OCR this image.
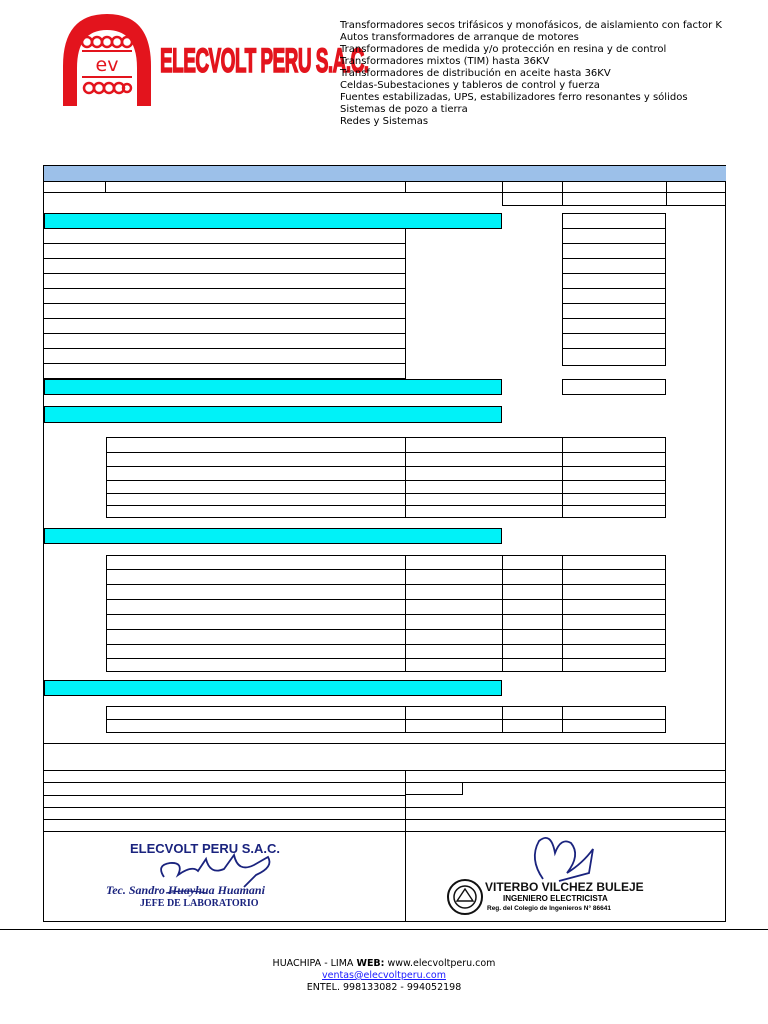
ev ELECVOLT PERU S.A.C.
Transformadores secos trifásicos y monofásicos, de aislamiento con factor K
Autos transformadores de arranque de motores
Transformadores de medida y/o protección en resina y de control
Transformadores mixtos (TIM) hasta 36KV
Transformadores de distribución en aceite hasta 36KV
Celdas-Subestaciones y tableros de control y fuerza
Fuentes estabilizadas, UPS, estabilizadores ferro resonantes y sólidos
Sistemas de pozo a tierra
Redes y Sistemas
ELECVOLT PERU S.A.C.
Tec. Sandro Huayhua Huamani
JEFE DE LABORATORIO
VITERBO VILCHEZ BULEJE
INGENIERO ELECTRICISTA
Reg. del Colegio de Ingenieros N° 86641
HUACHIPA - LIMA WEB: www.elecvoltperu.com
ventas@elecvoltperu.com
ENTEL. 998133082 - 994052198
